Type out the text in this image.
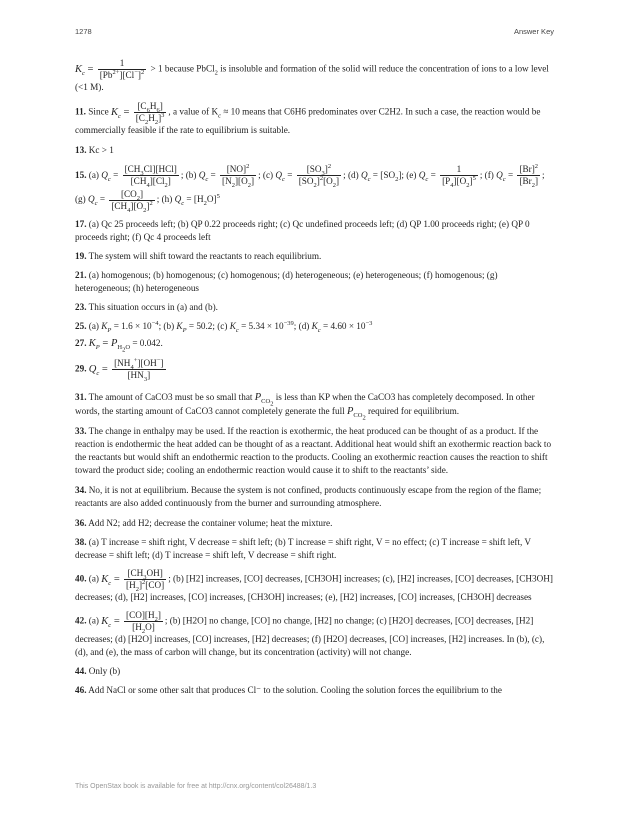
1278	Answer Key
$K_c = \frac{1}{[Pb^{2+}][Cl^-]^2} > 1$ because PbCl$_2$ is insoluble and formation of the solid will reduce the concentration of ions to a low level (<1 M).
11. Since $K_c = \frac{[C_6H_6]}{[C_2H_2]^3}$ , a value of $K_c \approx 10$ means that C6H6 predominates over C2H2. In such a case, the reaction would be commercially feasible if the rate to equilibrium is suitable.
13. Kc > 1
15. (a) $Q_c = \frac{[CH_3Cl][HCl]}{[CH_4][Cl_2]}$ ; (b) $Q_c = \frac{[NO]^2}{[N_2][O_2]}$ ; (c) $Q_c = \frac{[SO_3]^2}{[SO_2]^2[O_2]}$ ; (d) $Q_c = [SO_2]$; (e) $Q_c = \frac{1}{[P_4][O_2]^5}$ ; (f) $Q_c = \frac{[Br]^2}{[Br_2]}$ ; (g) $Q_c = \frac{[CO_2]}{[CH_4][O_2]^2}$ ; (h) $Q_c = [H_2O]^5$
17. (a) Qc 25 proceeds left; (b) QP 0.22 proceeds right; (c) Qc undefined proceeds left; (d) QP 1.00 proceeds right; (e) QP 0 proceeds right; (f) Qc 4 proceeds left
19. The system will shift toward the reactants to reach equilibrium.
21. (a) homogenous; (b) homogenous; (c) homogenous; (d) heterogeneous; (e) heterogeneous; (f) homogenous; (g) heterogeneous; (h) heterogeneous
23. This situation occurs in (a) and (b).
25. (a) $K_P = 1.6 \times 10^{-4}$; (b) $K_P = 50.2$; (c) $K_c = 5.34 \times 10^{-39}$; (d) $K_c = 4.60 \times 10^{-3}$
27. $K_P = P_{H_2O} = 0.042$.
29. $Q_c = \frac{[NH_4^+][OH^-]}{[HN_3]}$
31. The amount of CaCO3 must be so small that $P_{CO_2}$ is less than KP when the CaCO3 has completely decomposed. In other words, the starting amount of CaCO3 cannot completely generate the full $P_{CO_2}$ required for equilibrium.
33. The change in enthalpy may be used. If the reaction is exothermic, the heat produced can be thought of as a product. If the reaction is endothermic the heat added can be thought of as a reactant. Additional heat would shift an exothermic reaction back to the reactants but would shift an endothermic reaction to the products. Cooling an exothermic reaction causes the reaction to shift toward the product side; cooling an endothermic reaction would cause it to shift to the reactants’ side.
34. No, it is not at equilibrium. Because the system is not confined, products continuously escape from the region of the flame; reactants are also added continuously from the burner and surrounding atmosphere.
36. Add N2; add H2; decrease the container volume; heat the mixture.
38. (a) T increase = shift right, V decrease = shift left; (b) T increase = shift right, V = no effect; (c) T increase = shift left, V decrease = shift left; (d) T increase = shift left, V decrease = shift right.
40. (a) $K_c = \frac{[CH_3OH]}{[H_2]^2[CO]}$ ; (b) [H2] increases, [CO] decreases, [CH3OH] increases; (c), [H2] increases, [CO] decreases, [CH3OH] decreases; (d), [H2] increases, [CO] increases, [CH3OH] increases; (e), [H2] increases, [CO] increases, [CH3OH] decreases
42. (a) $K_c = \frac{[CO][H_2]}{[H_2O]}$ ; (b) [H2O] no change, [CO] no change, [H2] no change; (c) [H2O] decreases, [CO] decreases, [H2] decreases; (d) [H2O] increases, [CO] increases, [H2] decreases; (f) [H2O] decreases, [CO] increases, [H2] increases. In (b), (c), (d), and (e), the mass of carbon will change, but its concentration (activity) will not change.
44. Only (b)
46. Add NaCl or some other salt that produces Cl⁻ to the solution. Cooling the solution forces the equilibrium to the
This OpenStax book is available for free at http://cnx.org/content/col26488/1.3
